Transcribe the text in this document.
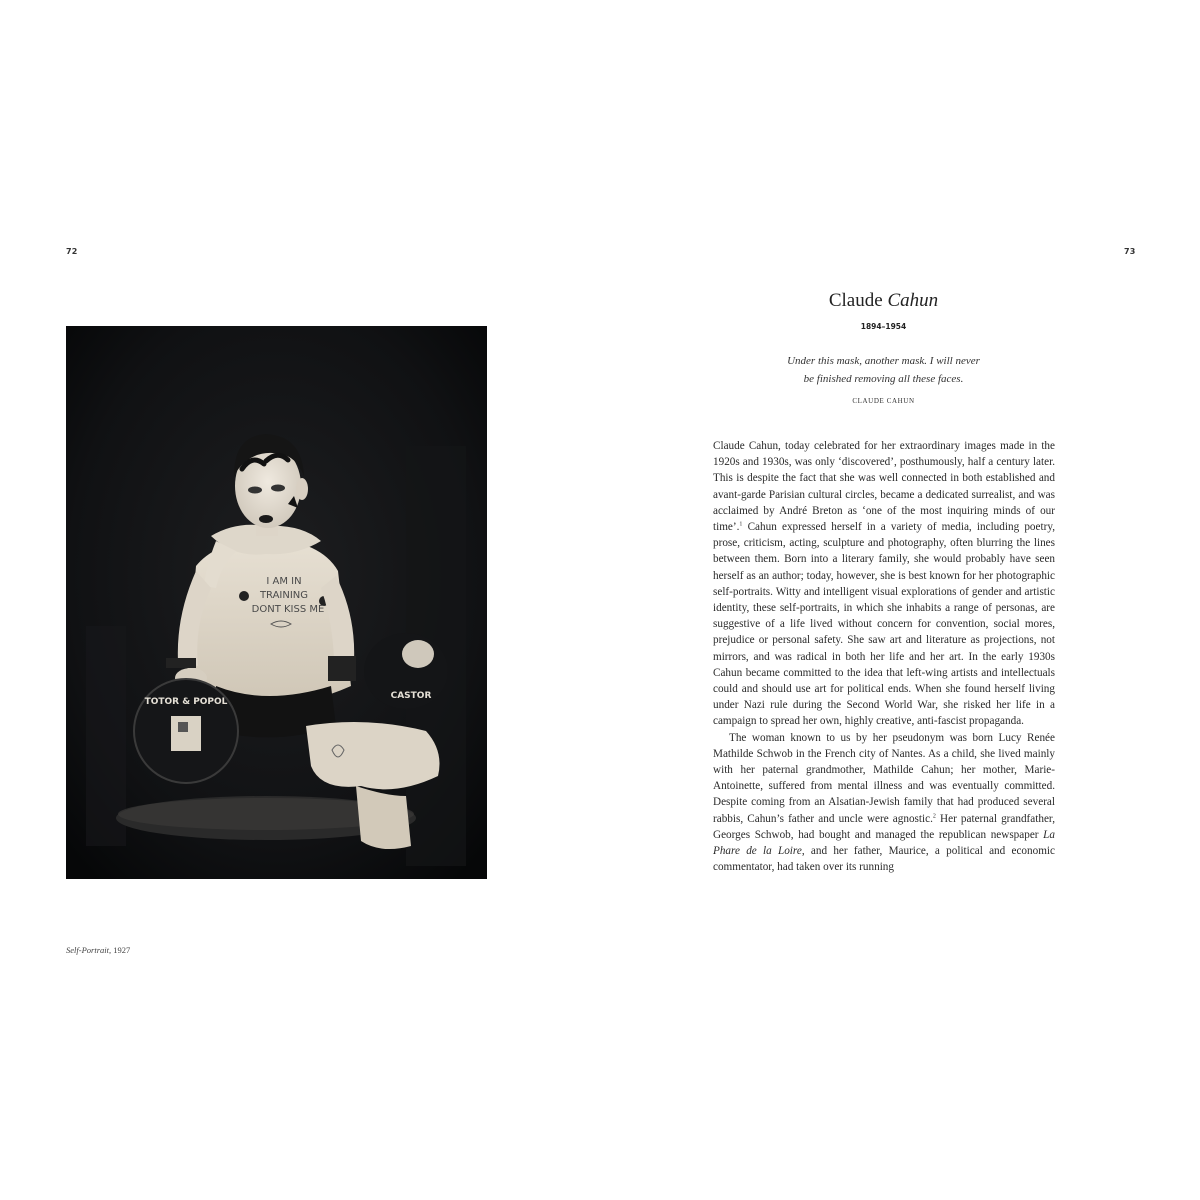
72
I AM IN
TRAINING
DONT KISS ME
TOTOR & POPOL
CASTOR
Self-Portrait, 1927
73
Claude Cahun
1894–1954
Under this mask, another mask. I will never
be finished removing all these faces.
CLAUDE CAHUN

Claude Cahun, today celebrated for her extraordinary images made in the 1920s and 1930s, was only ‘discovered’, posthumously, half a century later. This is despite the fact that she was well connected in both established and avant-garde Parisian cultural circles, became a dedicated surrealist, and was acclaimed by André Breton as ‘one of the most inquiring minds of our time’.$^1$ Cahun expressed herself in a variety of media, including poetry, prose, criticism, acting, sculpture and photography, often blurring the lines between them. Born into a literary family, she would probably have seen herself as an author; today, however, she is best known for her photographic self-portraits. Witty and intelligent visual explorations of gender and artistic identity, these self-portraits, in which she inhabits a range of personas, are suggestive of a life lived without concern for convention, social mores, prejudice or personal safety. She saw art and literature as projections, not mirrors, and was radical in both her life and her art. In the early 1930s Cahun became committed to the idea that left-wing artists and intellectuals could and should use art for political ends. When she found herself living under Nazi rule during the Second World War, she risked her life in a campaign to spread her own, highly creative, anti-fascist propaganda.

The woman known to us by her pseudonym was born Lucy Renée Mathilde Schwob in the French city of Nantes. As a child, she lived mainly with her paternal grandmother, Mathilde Cahun; her mother, Marie-Antoinette, suffered from mental illness and was eventually committed. Despite coming from an Alsatian-Jewish family that had produced several rabbis, Cahun’s father and uncle were agnostic.$^2$ Her paternal grandfather, Georges Schwob, had bought and managed the republican newspaper La Phare de la Loire, and her father, Maurice, a political and economic commentator, had taken over its running
